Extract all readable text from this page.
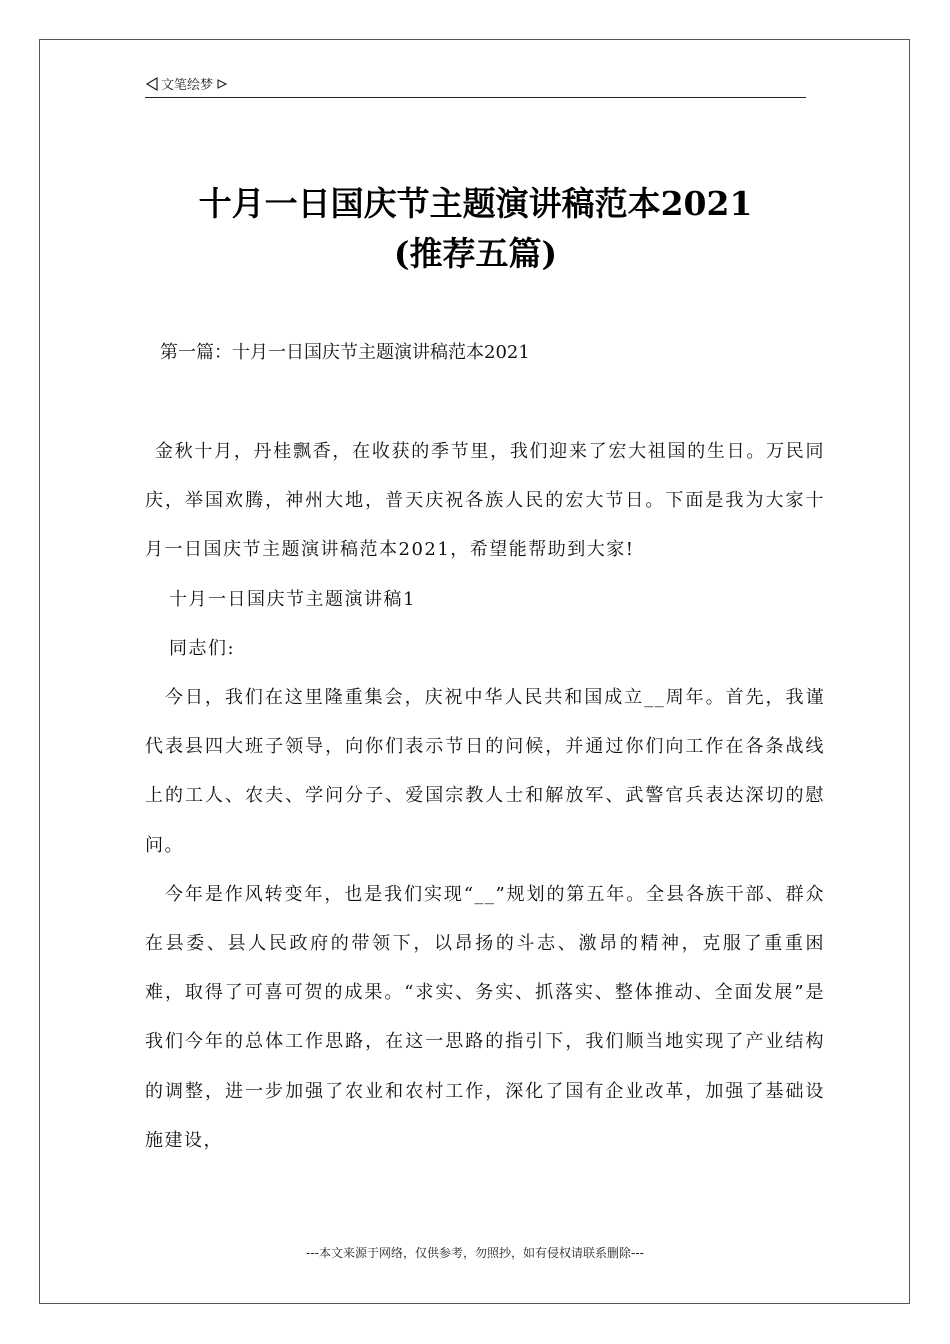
文笔绘梦
十月一日国庆节主题演讲稿范本2021
(推荐五篇)
第一篇：十月一日国庆节主题演讲稿范本2021

金秋十月，丹桂飘香，在收获的季节里，我们迎来了宏大祖国的生日。万民同庆，举国欢腾，神州大地，普天庆祝各族人民的宏大节日。下面是我为大家十月一日国庆节主题演讲稿范本2021，希望能帮助到大家!

十月一日国庆节主题演讲稿1

同志们:

今日，我们在这里隆重集会，庆祝中华人民共和国成立__周年。首先，我谨代表县四大班子领导，向你们表示节日的问候，并通过你们向工作在各条战线上的工人、农夫、学问分子、爱国宗教人士和解放军、武警官兵表达深切的慰问。

今年是作风转变年，也是我们实现“__”规划的第五年。全县各族干部、群众在县委、县人民政府的带领下，以昂扬的斗志、激昂的精神，克服了重重困难，取得了可喜可贺的成果。“求实、务实、抓落实、整体推动、全面发展”是我们今年的总体工作思路，在这一思路的指引下，我们顺当地实现了产业结构的调整，进一步加强了农业和农村工作，深化了国有企业改革，加强了基础设施建设，

---本文来源于网络，仅供参考，勿照抄，如有侵权请联系删除---
